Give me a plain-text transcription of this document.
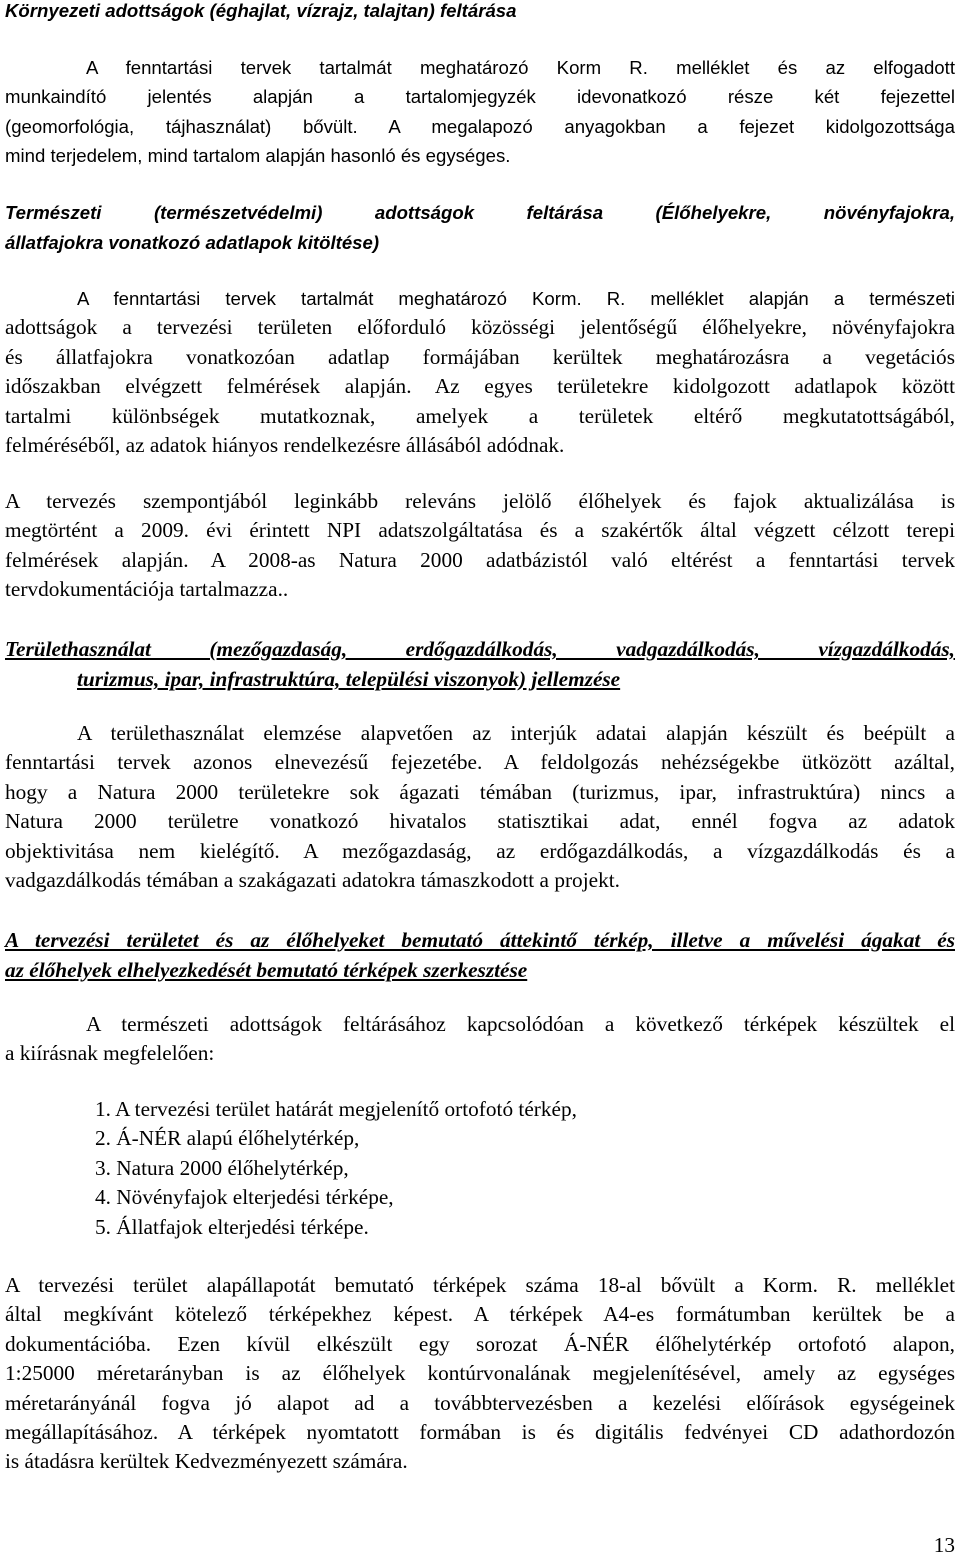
Környezeti adottságok (éghajlat, vízrajz, talajtan) feltárása
A fenntartási tervek tartalmát meghatározó Korm R. melléklet és az elfogadott
munkaindító jelentés alapján a tartalomjegyzék idevonatkozó része két fejezettel
(geomorfológia, tájhasználat) bővült. A megalapozó anyagokban a fejezet kidolgozottsága
mind terjedelem, mind tartalom alapján hasonló és egységes.
Természeti (természetvédelmi) adottságok feltárása (Élőhelyekre, növényfajokra,
állatfajokra vonatkozó adatlapok kitöltése)
A fenntartási tervek tartalmát meghatározó Korm. R. melléklet alapján a természeti
adottságok a tervezési területen előforduló közösségi jelentőségű élőhelyekre, növényfajokra
és állatfajokra vonatkozóan adatlap formájában kerültek meghatározásra a vegetációs
időszakban elvégzett felmérések alapján. Az egyes területekre kidolgozott adatlapok között
tartalmi különbségek mutatkoznak, amelyek a területek eltérő megkutatottságából,
felméréséből, az adatok hiányos rendelkezésre állásából adódnak.
A tervezés szempontjából leginkább releváns jelölő élőhelyek és fajok aktualizálása is
megtörtént a 2009. évi érintett NPI adatszolgáltatása és a szakértők által végzett célzott terepi
felmérések alapján. A 2008-as Natura 2000 adatbázistól való eltérést a fenntartási tervek
tervdokumentációja tartalmazza..
Területhasználat (mezőgazdaság, erdőgazdálkodás, vadgazdálkodás, vízgazdálkodás,
turizmus, ipar, infrastruktúra, települési viszonyok) jellemzése
A területhasználat elemzése alapvetően az interjúk adatai alapján készült és beépült a
fenntartási tervek azonos elnevezésű fejezetébe. A feldolgozás nehézségekbe ütközött azáltal,
hogy a Natura 2000 területekre sok ágazati témában (turizmus, ipar, infrastruktúra) nincs a
Natura 2000 területre vonatkozó hivatalos statisztikai adat, ennél fogva az adatok
objektivitása nem kielégítő. A mezőgazdaság, az erdőgazdálkodás, a vízgazdálkodás és a
vadgazdálkodás témában a szakágazati adatokra támaszkodott a projekt.
A tervezési területet és az élőhelyeket bemutató áttekintő térkép, illetve a művelési ágakat és
az élőhelyek elhelyezkedését bemutató térképek szerkesztése
A természeti adottságok feltárásához kapcsolódóan a következő térképek készültek el
a kiírásnak megfelelően:
1. A tervezési terület határát megjelenítő ortofotó térkép,
2. Á-NÉR alapú élőhelytérkép,
3. Natura 2000 élőhelytérkép,
4. Növényfajok elterjedési térképe,
5. Állatfajok elterjedési térképe.
A tervezési terület alapállapotát bemutató térképek száma 18-al bővült a Korm. R. melléklet
által megkívánt kötelező térképekhez képest. A térképek A4-es formátumban kerültek be a
dokumentációba. Ezen kívül elkészült egy sorozat Á-NÉR élőhelytérkép ortofotó alapon,
1:25000 méretarányban is az élőhelyek kontúrvonalának megjelenítésével, amely az egységes
méretarányánál fogva jó alapot ad a továbbtervezésben a kezelési előírások egységeinek
megállapításához. A térképek nyomtatott formában is és digitális fedvényei CD adathordozón
is átadásra kerültek Kedvezményezett számára.
13
